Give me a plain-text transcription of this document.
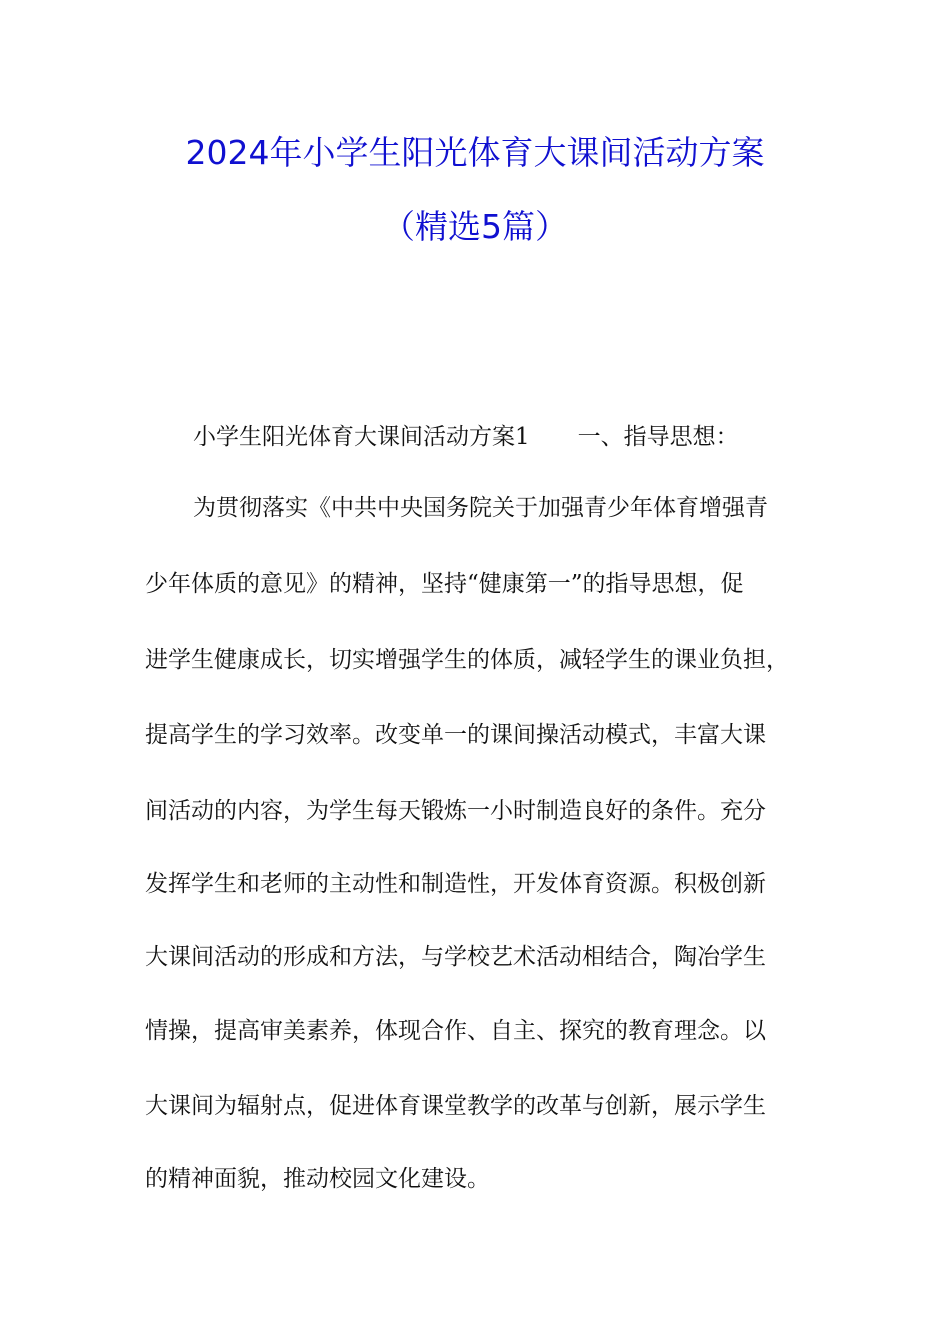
2024年小学生阳光体育大课间活动方案
（精选5篇）
小学生阳光体育大课间活动方案1 一、指导思想：
为贯彻落实《中共中央国务院关于加强青少年体育增强青
少年体质的意见》的精神，坚持“健康第一”的指导思想，促
进学生健康成长，切实增强学生的体质，减轻学生的课业负担，
提高学生的学习效率。改变单一的课间操活动模式，丰富大课
间活动的内容，为学生每天锻炼一小时制造良好的条件。充分
发挥学生和老师的主动性和制造性，开发体育资源。积极创新
大课间活动的形成和方法，与学校艺术活动相结合，陶冶学生
情操，提高审美素养，体现合作、自主、探究的教育理念。以
大课间为辐射点，促进体育课堂教学的改革与创新，展示学生
的精神面貌，推动校园文化建设。
